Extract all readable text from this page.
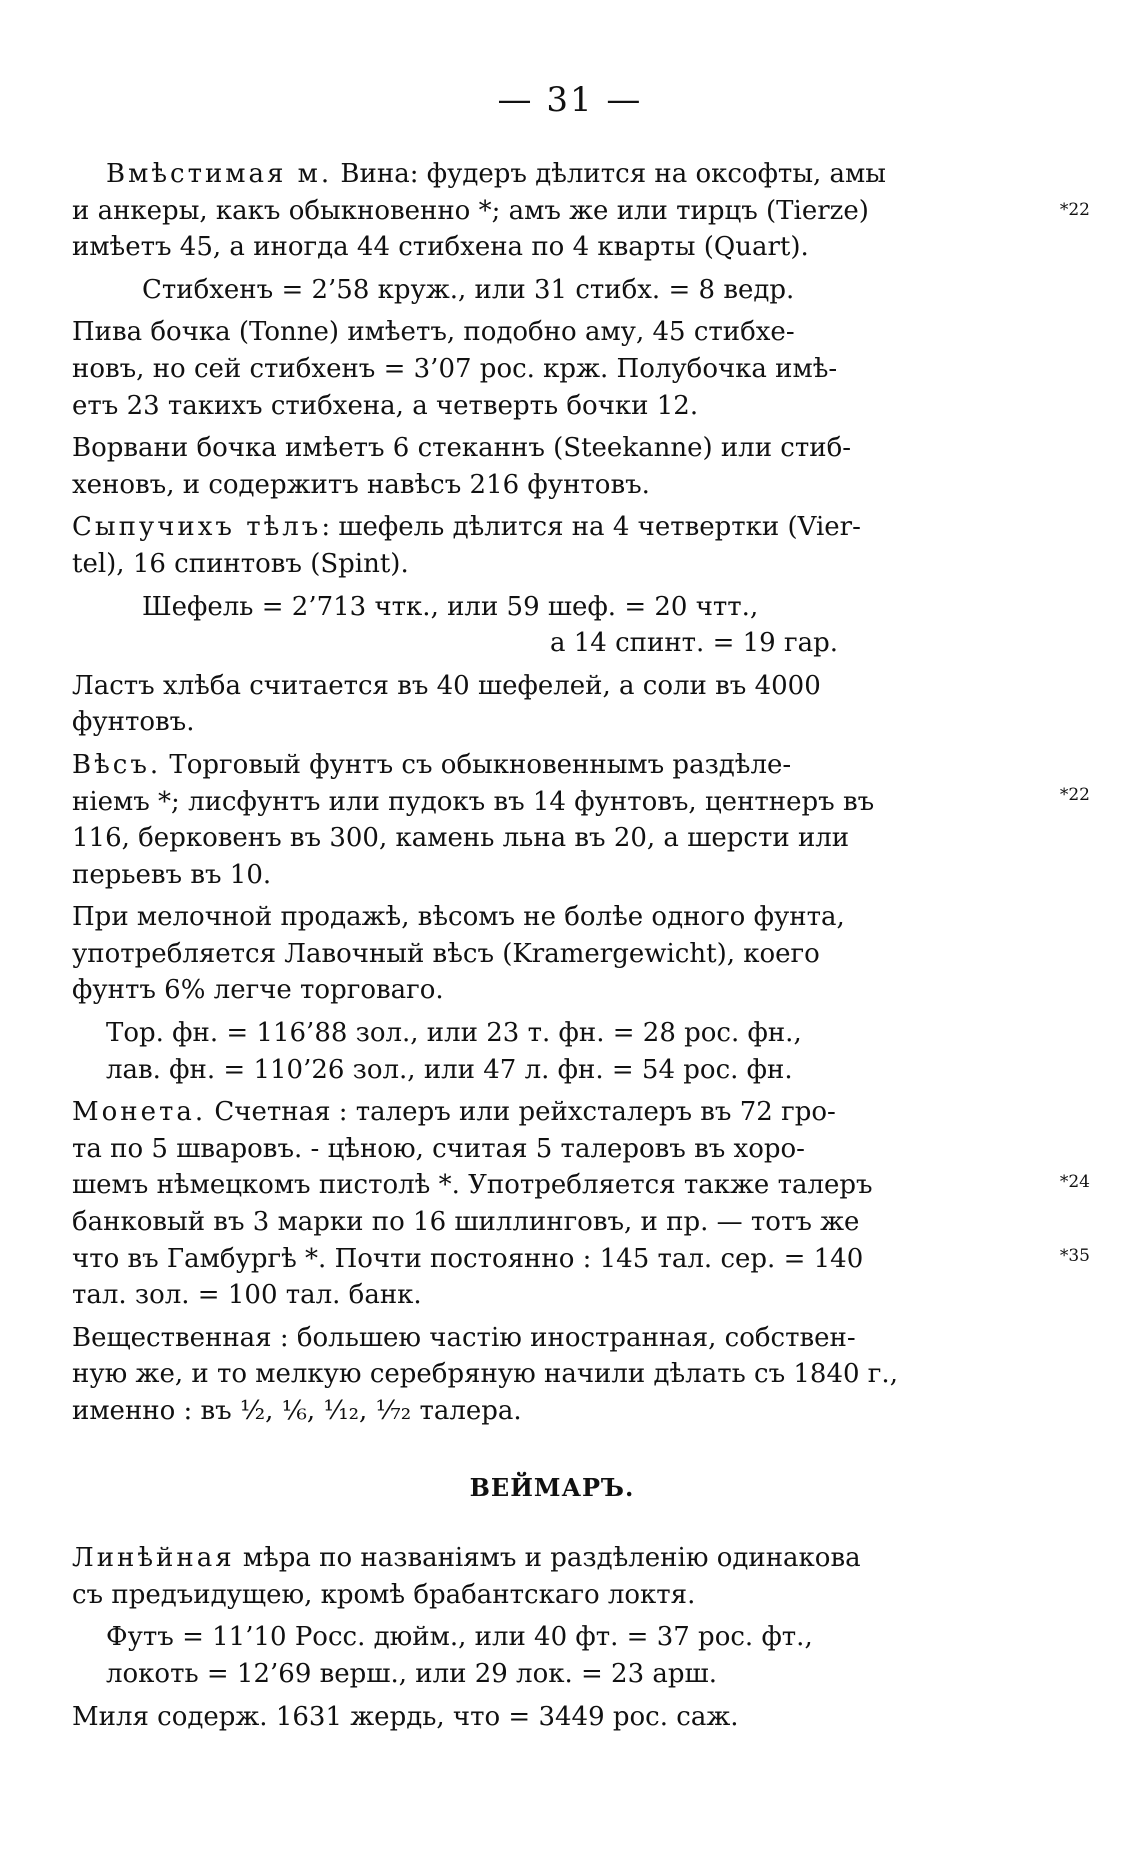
— 31 —
Вмѣстимая м. Вина: фудеръ дѣлится на оксофты, амы
и анкеры, какъ обыкновенно *; амъ же или тирцъ (Tierze)
имѣетъ 45, а иногда 44 стибхена по 4 кварты (Quart).
*22
Стибхенъ = 2’58 круж., или 31 стибх. = 8 ведр.
Пива бочка (Tonne) имѣетъ, подобно аму, 45 стибхе-
новъ, но сей стибхенъ = 3’07 рос. крж. Полубочка имѣ-
етъ 23 такихъ стибхена, а четверть бочки 12.
Ворвани бочка имѣетъ 6 стеканнъ (Steekanne) или стиб-
хеновъ, и содержитъ навѣсъ 216 фунтовъ.
Сыпучихъ тѣлъ: шефель дѣлится на 4 четвертки (Vier-
tel), 16 спинтовъ (Spint).
Шефель = 2’713 чтк., или 59 шеф. = 20 чтт.,
а 14 спинт. = 19 гар.
Ластъ хлѣба считается въ 40 шефелей, а соли въ 4000
фунтовъ.
Вѣсъ. Торговый фунтъ съ обыкновеннымъ раздѣле-
ніемъ *; лисфунтъ или пудокъ въ 14 фунтовъ, центнеръ въ
116, берковенъ въ 300, камень льна въ 20, а шерсти или
перьевъ въ 10.
*22
При мелочной продажѣ, вѣсомъ не болѣе одного фунта,
употребляется Лавочный вѣсъ (Kramergewicht), коего
фунтъ 6% легче торговаго.
Тор. фн. = 116’88 зол., или 23 т. фн. = 28 рос. фн.,
лав. фн. = 110’26 зол., или 47 л. фн. = 54 рос. фн.
Монета. Счетная : талеръ или рейхсталеръ въ 72 гро-
та по 5 шваровъ. - цѣною, считая 5 талеровъ въ хоро-
шемъ нѣмецкомъ пистолѣ *. Употребляется также талеръ
банковый въ 3 марки по 16 шиллинговъ, и пр. — тотъ же
что въ Гамбургѣ *. Почти постоянно : 145 тал. сер. = 140
тал. зол. = 100 тал. банк.
*24
*35
Вещественная : большею частію иностранная, собствен-
ную же, и то мелкую серебряную начили дѣлать съ 1840 г.,
именно : въ ½, ⅙, ¹⁄₁₂, ¹⁄₇₂ талера.
ВЕЙМАРЪ.
Линѣйная мѣра по названіямъ и раздѣленію одинакова
съ предъидущею, кромѣ брабантскаго локтя.
Футъ = 11’10 Росс. дюйм., или 40 фт. = 37 рос. фт.,
локоть = 12’69 верш., или 29 лок. = 23 арш.
Миля содерж. 1631 жердь, что = 3449 рос. саж.
